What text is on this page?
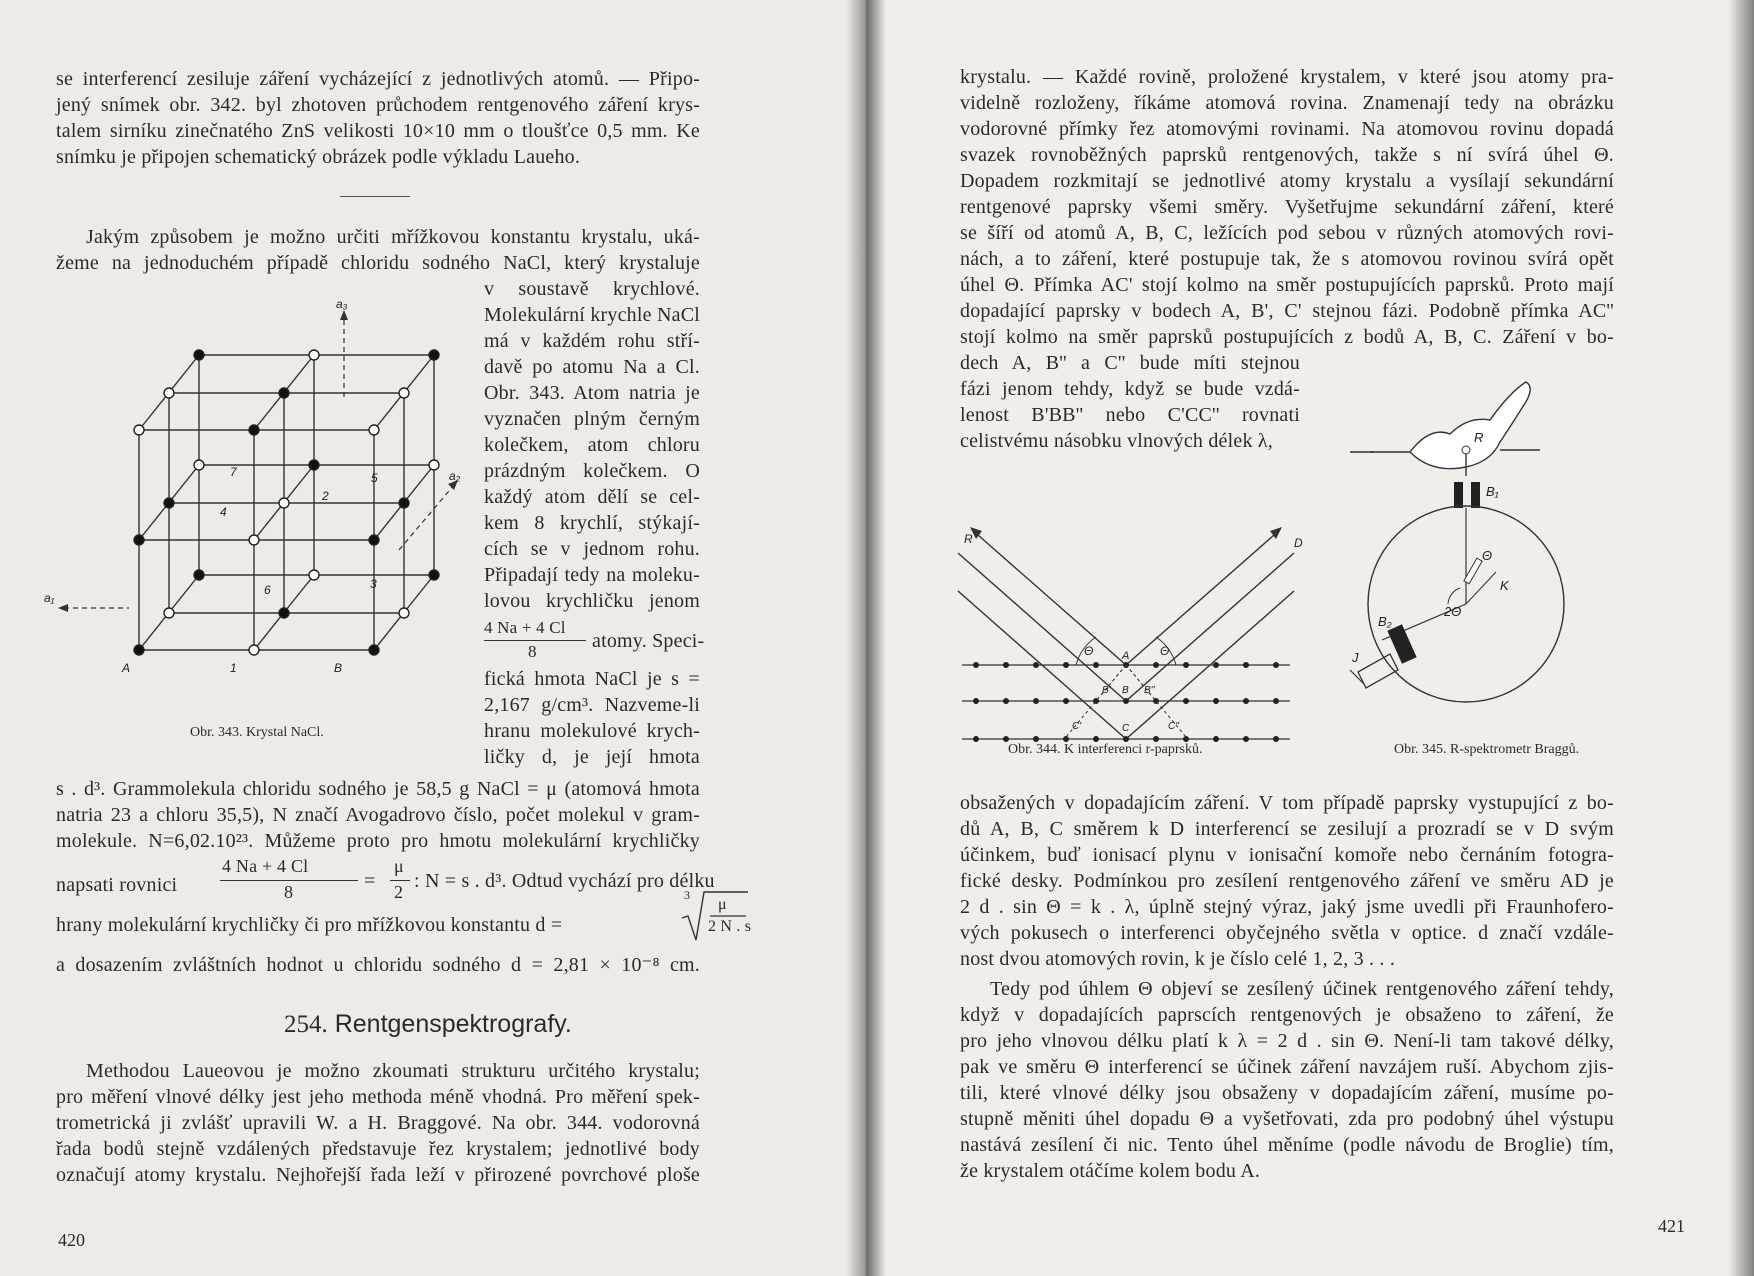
se interferencí zesiluje záření vycházející z jednotlivých atomů. — Připo-
jený snímek obr. 342. byl zhotoven průchodem rentgenového záření krys-
talem sirníku zinečnatého ZnS velikosti 10×10 mm o tloušťce 0,5 mm. Ke
snímku je připojen schematický obrázek podle výkladu Laueho.
Jakým způsobem je možno určiti mřížkovou konstantu krystalu, uká-
žeme na jednoduchém případě chloridu sodného NaCl, který krystaluje
v soustavě krychlové.
Molekulární krychle NaCl
má v každém rohu stří-
davě po atomu Na a Cl.
Obr. 343. Atom natria je
vyznačen plným černým
kolečkem, atom chloru
prázdným kolečkem. O
každý atom dělí se cel-
kem 8 krychlí, stýkají-
cích se v jednom rohu.
Připadají tedy na moleku-
lovou krychličku jenom
4 Na + 4 Cl
8	atomy. Speci-
fická hmota NaCl je s =
2,167 g/cm³. Nazveme-li
hranu molekulové krych-
ličky d, je její hmota
a₃
a₂
a₁
A	1	B
2
3
4
5
6
7
Obr. 343. Krystal NaCl.
s . d³. Grammolekula chloridu sodného je 58,5 g NaCl = μ (atomová hmota
natria 23 a chloru 35,5), N značí Avogadrovo číslo, počet molekul v gram-
molekule. N=6,02.10²³. Můžeme proto pro hmotu molekulární krychličky
napsati rovnici
4 Na + 4 Cl
8	=
μ
2 : N = s . d³. Odtud vychází pro délku
hrany molekulární krychličky či pro mřížkovou konstantu d =
3
μ
2 N . s
a dosazením zvláštních hodnot u chloridu sodného d = 2,81 × 10⁻⁸ cm.
254. Rentgenspektrografy.
Methodou Laueovou je možno zkoumati strukturu určitého krystalu;
pro měření vlnové délky jest jeho methoda méně vhodná. Pro měření spek-
trometrická ji zvlášť upravili W. a H. Braggové. Na obr. 344. vodorovná
řada bodů stejně vzdálených představuje řez krystalem; jednotlivé body
označují atomy krystalu. Nejhořejší řada leží v přirozené povrchové ploše
420
krystalu. — Každé rovině, proložené krystalem, v které jsou atomy pra-
videlně rozloženy, říkáme atomová rovina. Znamenají tedy na obrázku
vodorovné přímky řez atomovými rovinami. Na atomovou rovinu dopadá
svazek rovnoběžných paprsků rentgenových, takže s ní svírá úhel Θ.
Dopadem rozkmitají se jednotlivé atomy krystalu a vysílají sekundární
rentgenové paprsky všemi směry. Vyšetřujme sekundární záření, které
se šíří od atomů A, B, C, ležících pod sebou v různých atomových rovi-
nách, a to záření, které postupuje tak, že s atomovou rovinou svírá opět
úhel Θ. Přímka AC' stojí kolmo na směr postupujících paprsků. Proto mají
dopadající paprsky v bodech A, B', C' stejnou fázi. Podobně přímka AC''
stojí kolmo na směr paprsků postupujících z bodů A, B, C. Záření v bo-
dech A, B'' a C'' bude míti stejnou
fázi jenom tehdy, když se bude vzdá-
lenost B'BB'' nebo C'CC'' rovnati
celistvému násobku vlnových délek λ,
R	D
Θ	Θ
A
B' B B''
C'	C	C''
Obr. 344. K interferenci r-paprsků.
R
B₁
Θ
K
2Θ
B₂
J
Obr. 345. R-spektrometr Braggů.
obsažených v dopadajícím záření. V tom případě paprsky vystupující z bo-
dů A, B, C směrem k D interferencí se zesilují a prozradí se v D svým
účinkem, buď ionisací plynu v ionisační komoře nebo černáním fotogra-
fické desky. Podmínkou pro zesílení rentgenového záření ve směru AD je
2 d . sin Θ = k . λ, úplně stejný výraz, jaký jsme uvedli při Fraunhofero-
vých pokusech o interferenci obyčejného světla v optice. d značí vzdále-
nost dvou atomových rovin, k je číslo celé 1, 2, 3 . . .
Tedy pod úhlem Θ objeví se zesílený účinek rentgenového záření tehdy,
když v dopadajících paprscích rentgenových je obsaženo to záření, že
pro jeho vlnovou délku platí k λ = 2 d . sin Θ. Není-li tam takové délky,
pak ve směru Θ interferencí se účinek záření navzájem ruší. Abychom zjis-
tili, které vlnové délky jsou obsaženy v dopadajícím záření, musíme po-
stupně měniti úhel dopadu Θ a vyšetřovati, zda pro podobný úhel výstupu
nastává zesílení či nic. Tento úhel měníme (podle návodu de Broglie) tím,
že krystalem otáčíme kolem bodu A.
421
